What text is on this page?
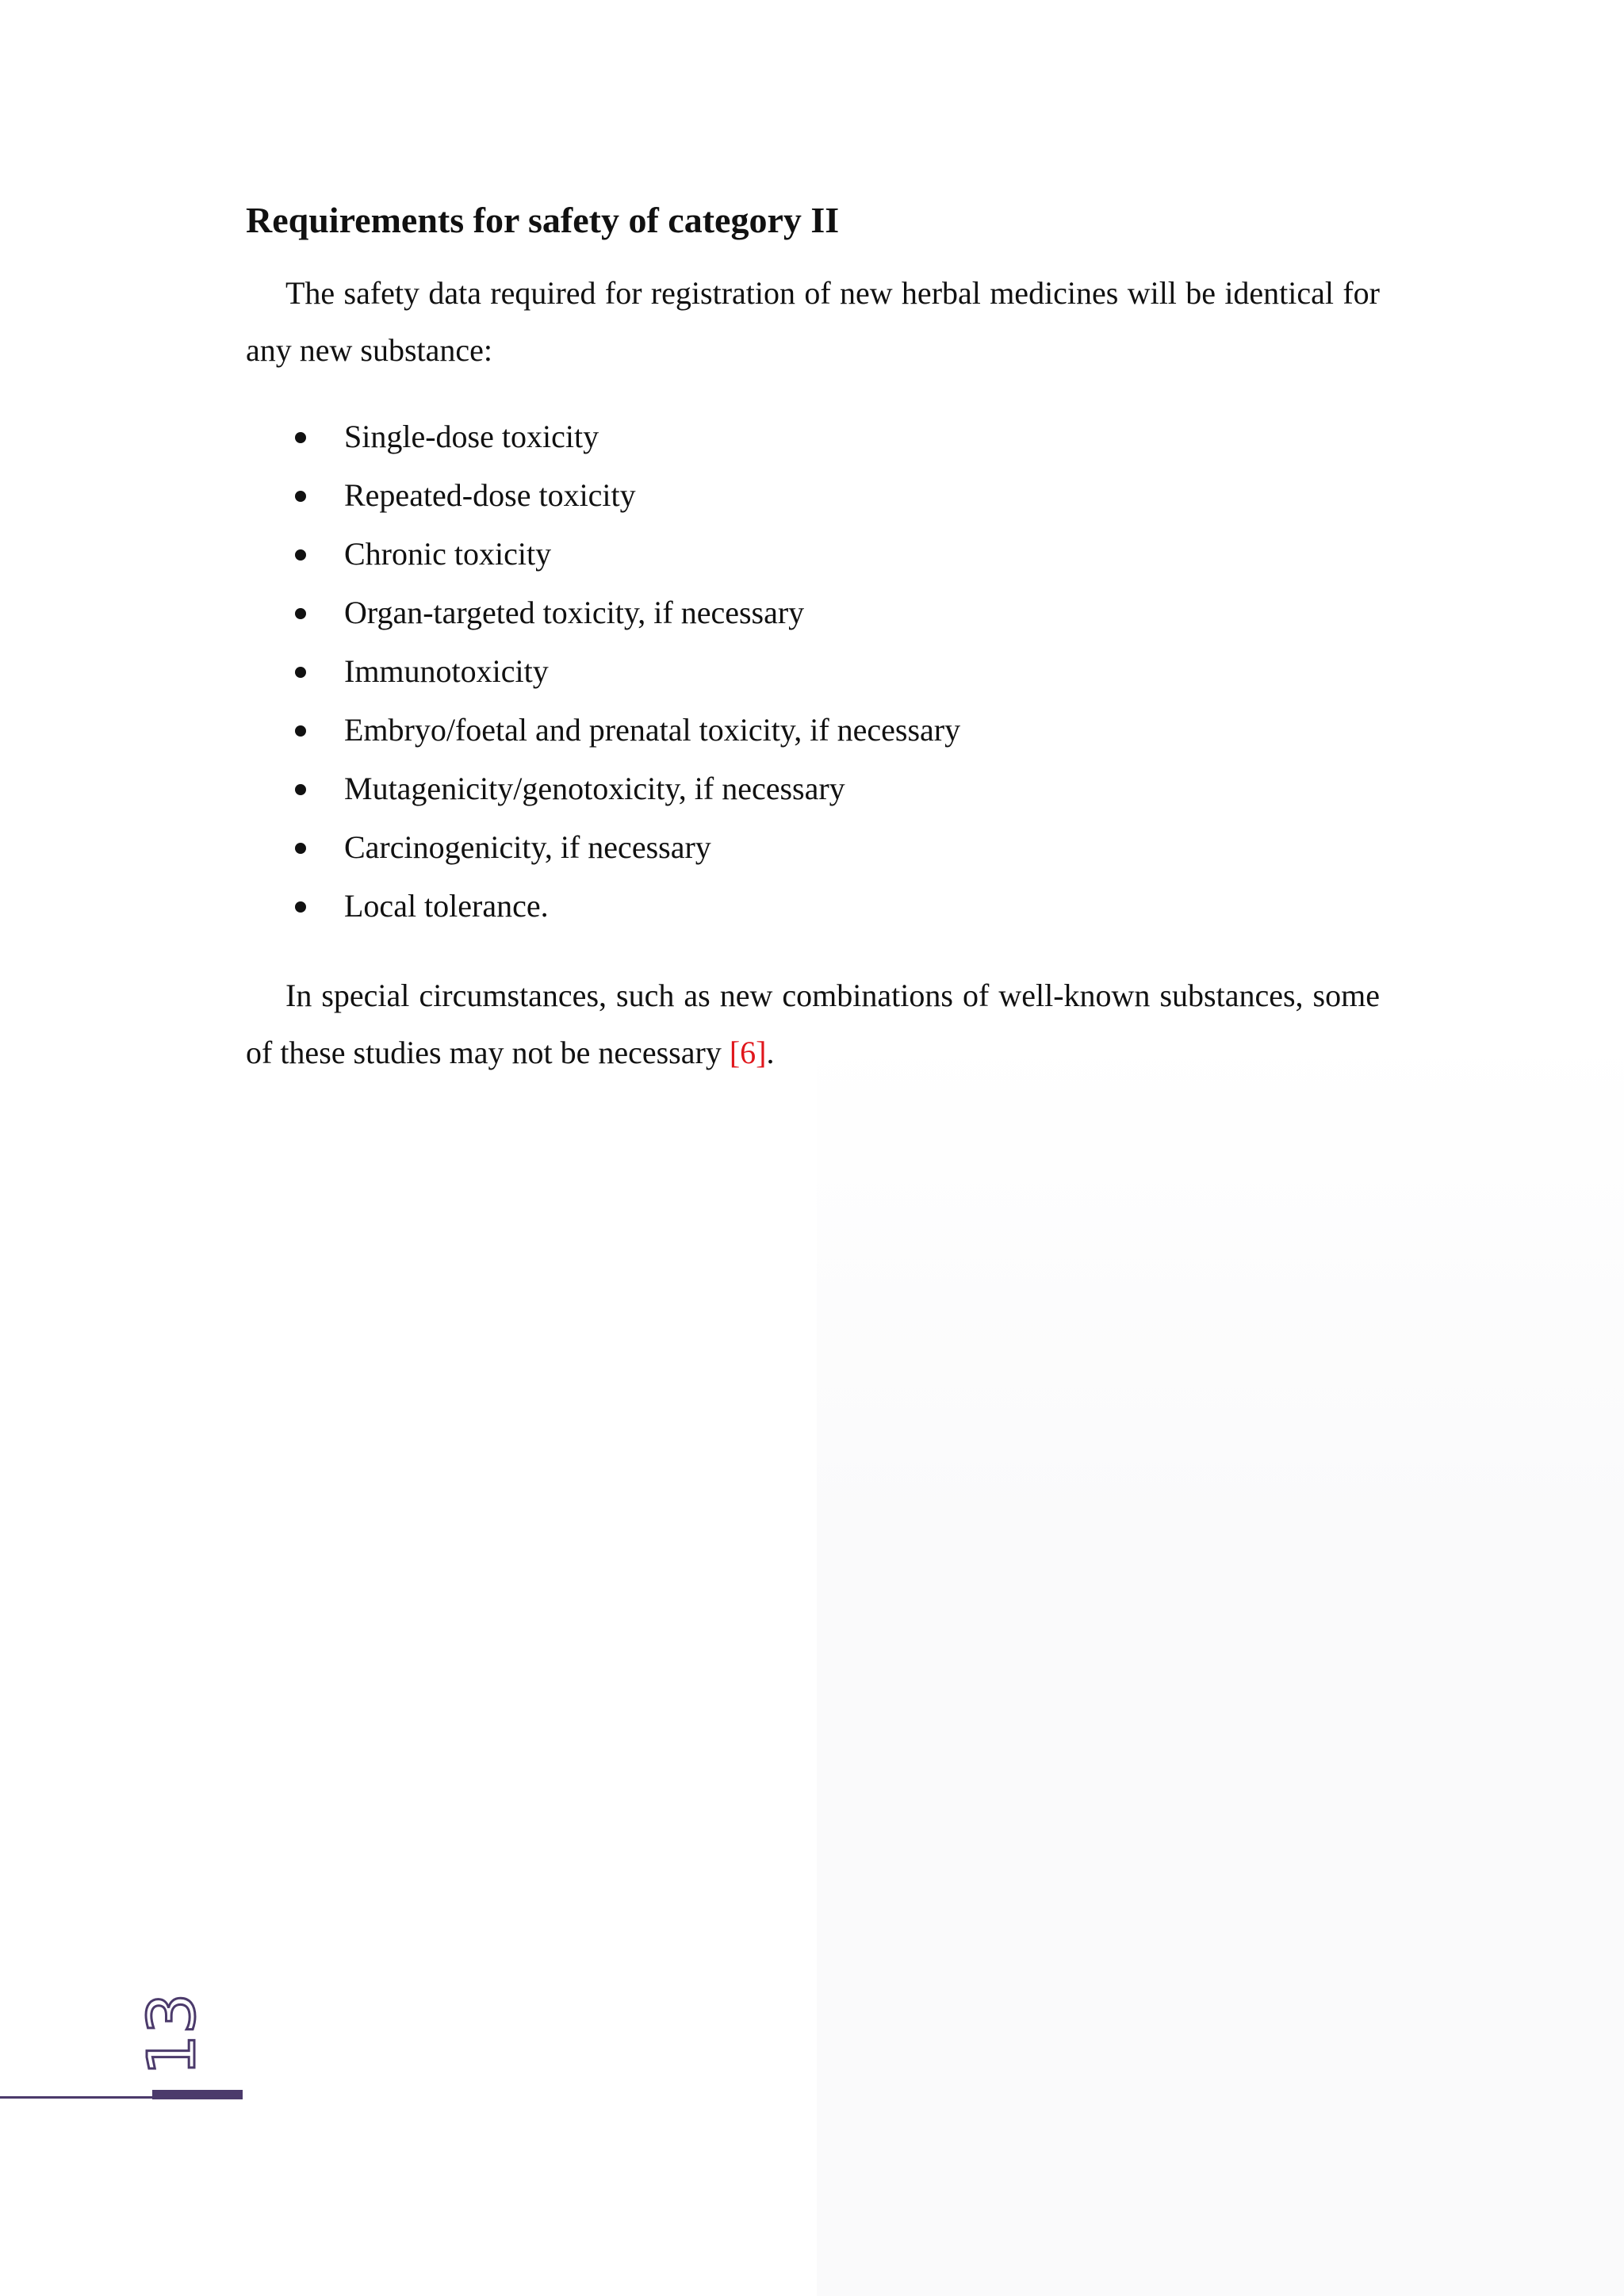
Requirements for safety of category II

The safety data required for registration of new herbal medicines will be identical for any new substance:

Single-dose toxicity
Repeated-dose toxicity
Chronic toxicity
Organ-targeted toxicity, if necessary
Immunotoxicity
Embryo/foetal and prenatal toxicity, if necessary
Mutagenicity/genotoxicity, if necessary
Carcinogenicity, if necessary
Local tolerance.

In special circumstances, such as new combinations of well-known substances, some of these studies may not be necessary [6].

13
